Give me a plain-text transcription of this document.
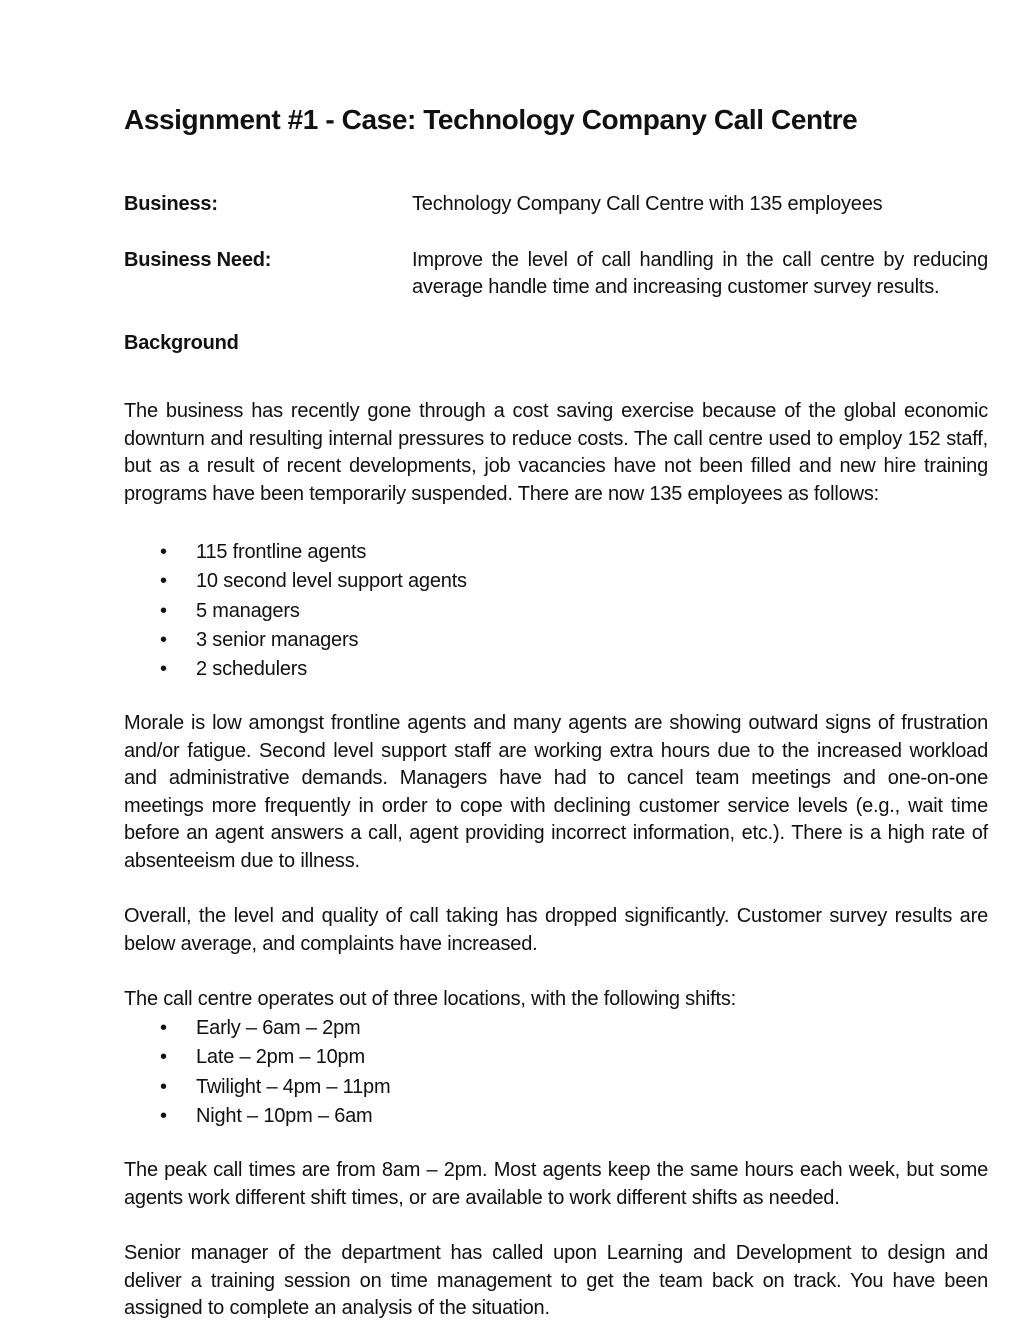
Assignment #1 - Case: Technology Company Call Centre
Business:	Technology Company Call Centre with 135 employees
Business Need:	Improve the level of call handling in the call centre by reducing average handle time and increasing customer survey results.
Background

The business has recently gone through a cost saving exercise because of the global economic downturn and resulting internal pressures to reduce costs. The call centre used to employ 152 staff, but as a result of recent developments, job vacancies have not been filled and new hire training programs have been temporarily suspended. There are now 135 employees as follows:

• 115 frontline agents
• 10 second level support agents
• 5 managers
• 3 senior managers
• 2 schedulers

Morale is low amongst frontline agents and many agents are showing outward signs of frustration and/or fatigue. Second level support staff are working extra hours due to the increased workload and administrative demands. Managers have had to cancel team meetings and one-on-one meetings more frequently in order to cope with declining customer service levels (e.g., wait time before an agent answers a call, agent providing incorrect information, etc.). There is a high rate of absenteeism due to illness.

Overall, the level and quality of call taking has dropped significantly. Customer survey results are below average, and complaints have increased.

The call centre operates out of three locations, with the following shifts:

• Early – 6am – 2pm
• Late – 2pm – 10pm
• Twilight – 4pm – 11pm
• Night – 10pm – 6am

The peak call times are from 8am – 2pm. Most agents keep the same hours each week, but some agents work different shift times, or are available to work different shifts as needed.

Senior manager of the department has called upon Learning and Development to design and deliver a training session on time management to get the team back on track. You have been assigned to complete an analysis of the situation.
